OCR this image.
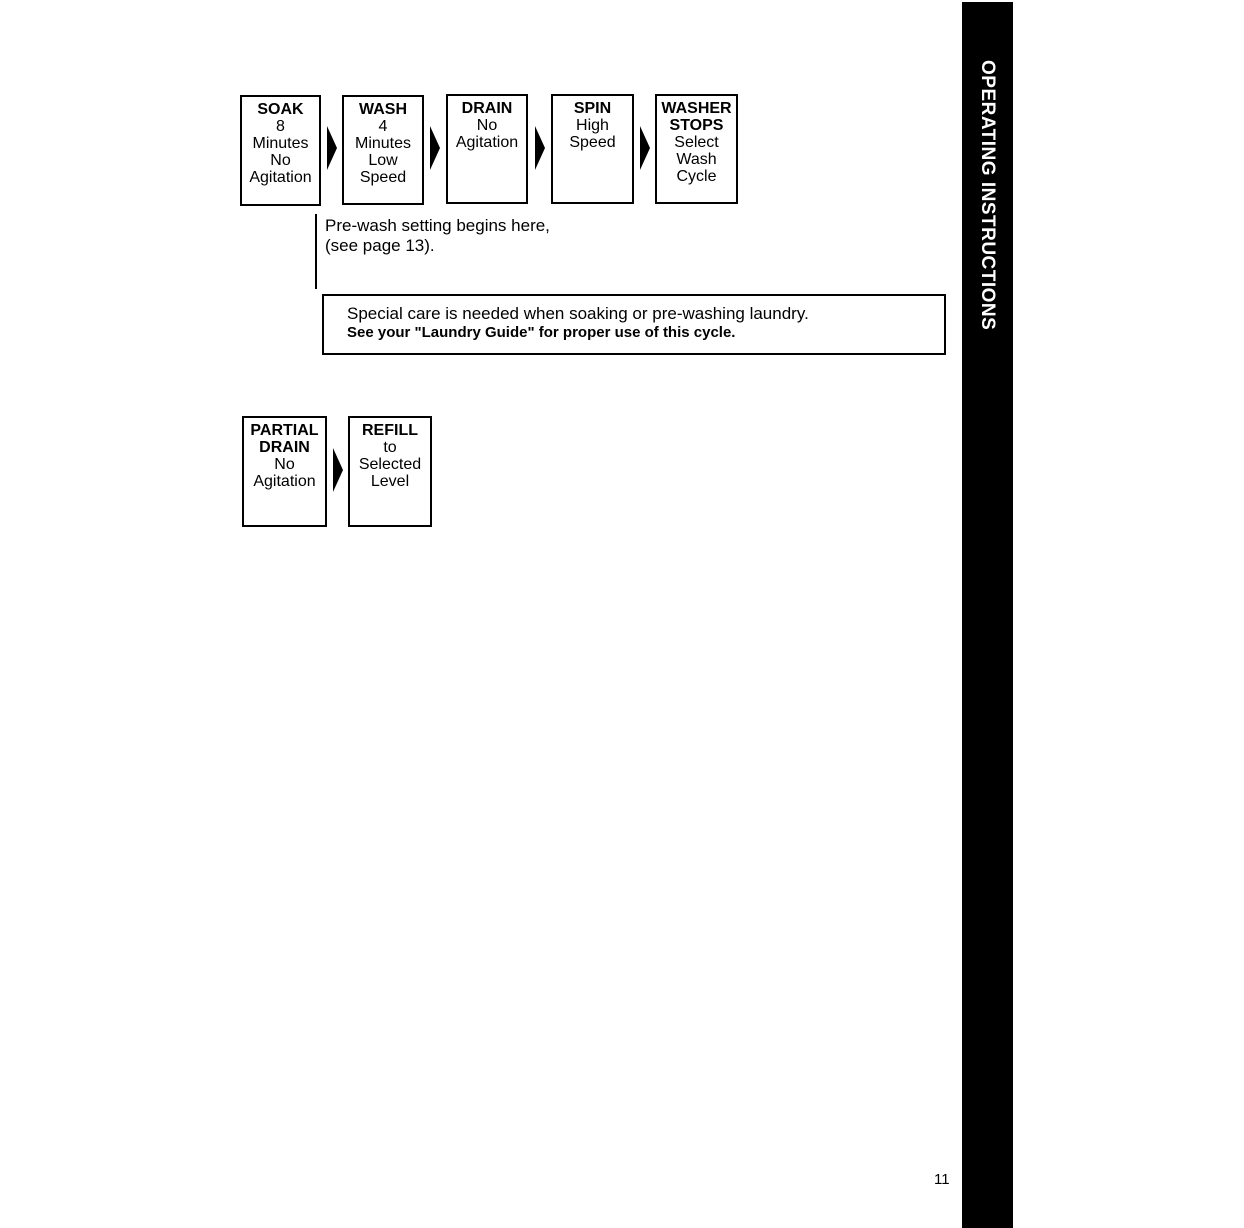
OPERATING INSTRUCTIONS
SOAK
8
Minutes
No
Agitation
WASH
4
Minutes
Low
Speed
DRAIN
No
Agitation
SPIN
High
Speed
WASHER
STOPS
Select
Wash
Cycle
Pre-wash setting begins here,
(see page 13).
Special care is needed when soaking or pre-washing laundry.
See your "Laundry Guide" for proper use of this cycle.
PARTIAL
DRAIN
No
Agitation
REFILL
to
Selected
Level
11
